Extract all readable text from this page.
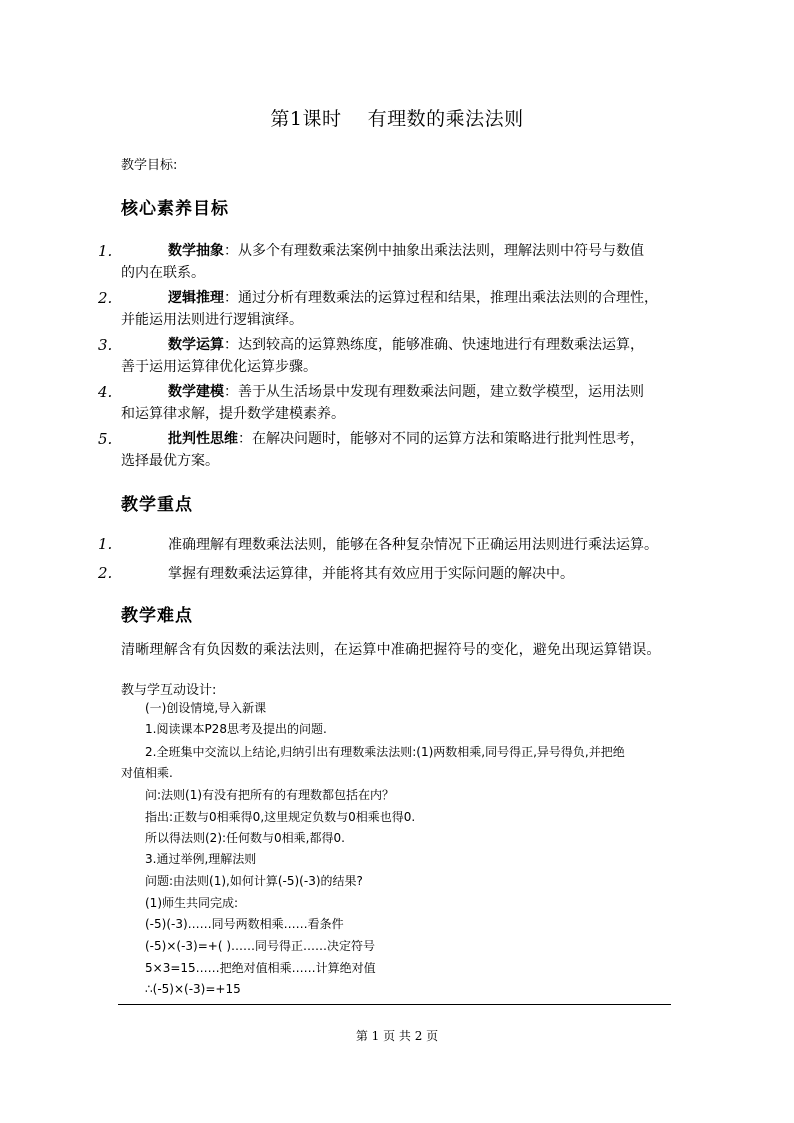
第1课时    有理数的乘法法则
教学目标:
核心素养目标
1.	数学抽象：从多个有理数乘法案例中抽象出乘法法则，理解法则中符号与数值
的内在联系。
2.	逻辑推理：通过分析有理数乘法的运算过程和结果，推理出乘法法则的合理性，
并能运用法则进行逻辑演绎。
3.	数学运算：达到较高的运算熟练度，能够准确、快速地进行有理数乘法运算，
善于运用运算律优化运算步骤。
4.	数学建模：善于从生活场景中发现有理数乘法问题，建立数学模型，运用法则
和运算律求解，提升数学建模素养。
5.	批判性思维：在解决问题时，能够对不同的运算方法和策略进行批判性思考，
选择最优方案。
教学重点
1.	准确理解有理数乘法法则，能够在各种复杂情况下正确运用法则进行乘法运算。
2.	掌握有理数乘法运算律，并能将其有效应用于实际问题的解决中。
教学难点
清晰理解含有负因数的乘法法则，在运算中准确把握符号的变化，避免出现运算错误。
教与学互动设计:
(一)创设情境,导入新课
1.阅读课本P28思考及提出的问题.
2.全班集中交流以上结论,归纳引出有理数乘法法则:(1)两数相乘,同号得正,异号得负,并把绝
对值相乘.
问:法则(1)有没有把所有的有理数都包括在内？
指出:正数与0相乘得0,这里规定负数与0相乘也得0.
所以得法则(2):任何数与0相乘,都得0.
3.通过举例,理解法则
问题:由法则(1),如何计算(-5)(-3)的结果?
(1)师生共同完成:
(-5)(-3)……同号两数相乘……看条件
(-5)×(-3)=+( )……同号得正……决定符号
5×3=15……把绝对值相乘……计算绝对值
∴(-5)×(-3)=+15
第 1 页 共 2 页
